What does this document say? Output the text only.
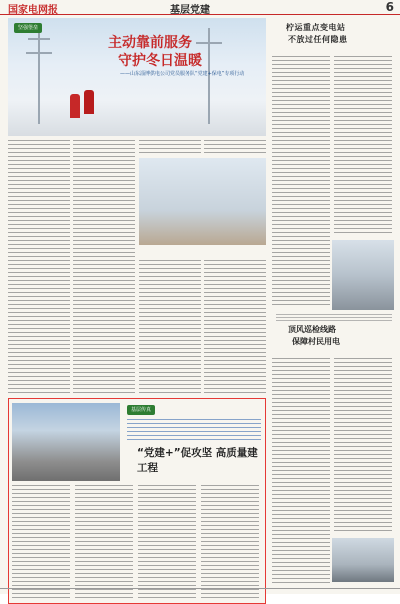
国家电网报	基层党建	6
坚强堡垒
主动靠前服务
守护冬日温暖
——山东淄博供电公司党员服务队“党建+保电”专项行动
基层传真
“党建+”促攻坚 高质量建工程
柠运重点变电站
不放过任何隐患
顶风巡检线路
保障村民用电
